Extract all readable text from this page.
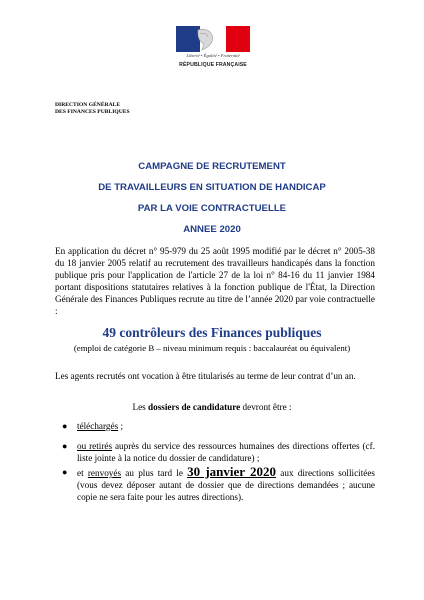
Liberté • Égalité • Fraternité
RÉPUBLIQUE FRANÇAISE
DIRECTION GÉNÉRALE
DES FINANCES PUBLIQUES
CAMPAGNE DE RECRUTEMENT
DE TRAVAILLEURS EN SITUATION DE HANDICAP
PAR LA VOIE CONTRACTUELLE
ANNEE 2020
En application du décret n° 95-979 du 25 août 1995 modifié par le décret n° 2005-38 du 18 janvier 2005 relatif au recrutement des travailleurs handicapés dans la fonction publique pris pour l'application de l'article 27 de la loi n° 84-16 du 11 janvier 1984 portant dispositions statutaires relatives à la fonction publique de l'État, la Direction Générale des Finances Publiques recrute au titre de l’année 2020 par voie contractuelle :
49 contrôleurs des Finances publiques
(emploi de catégorie B – niveau minimum requis : baccalauréat ou équivalent)
Les agents recrutés ont vocation à être titularisés au terme de leur contrat d’un an.
Les dossiers de candidature devront être :
● téléchargés ;
● ou retirés auprès du service des ressources humaines des directions offertes (cf. liste jointe à la notice du dossier de candidature) ;
● et renvoyés au plus tard le 30 janvier 2020 aux directions sollicitées (vous devez déposer autant de dossier que de directions demandées ; aucune copie ne sera faite pour les autres directions).
